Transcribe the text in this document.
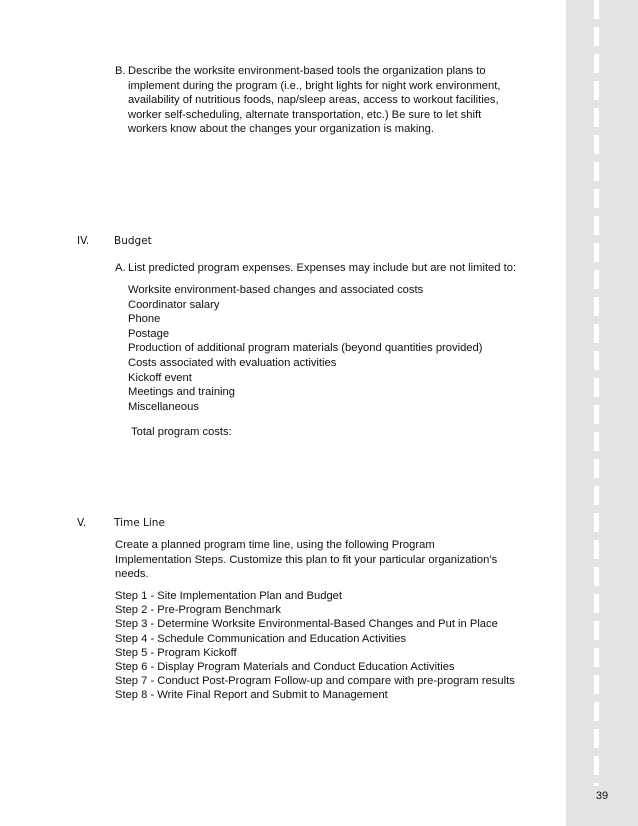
B. Describe the worksite environment-based tools the organization plans to
implement during the program (i.e., bright lights for night work environment,
availability of nutritious foods, nap/sleep areas, access to workout facilities,
worker self-scheduling, alternate transportation, etc.) Be sure to let shift
workers know about the changes your organization is making.
IV. Budget
A. List predicted program expenses. Expenses may include but are not limited to:
Worksite environment-based changes and associated costs
Coordinator salary
Phone
Postage
Production of additional program materials (beyond quantities provided)
Costs associated with evaluation activities
Kickoff event
Meetings and training
Miscellaneous
Total program costs:
V.	Time Line
Create a planned program time line, using the following Program
Implementation Steps. Customize this plan to fit your particular organization’s
needs.
Step 1 - Site Implementation Plan and Budget
Step 2 - Pre-Program Benchmark
Step 3 - Determine Worksite Environmental-Based Changes and Put in Place
Step 4 - Schedule Communication and Education Activities
Step 5 - Program Kickoff
Step 6 - Display Program Materials and Conduct Education Activities
Step 7 - Conduct Post-Program Follow-up and compare with pre-program results
Step 8 - Write Final Report and Submit to Management
39
